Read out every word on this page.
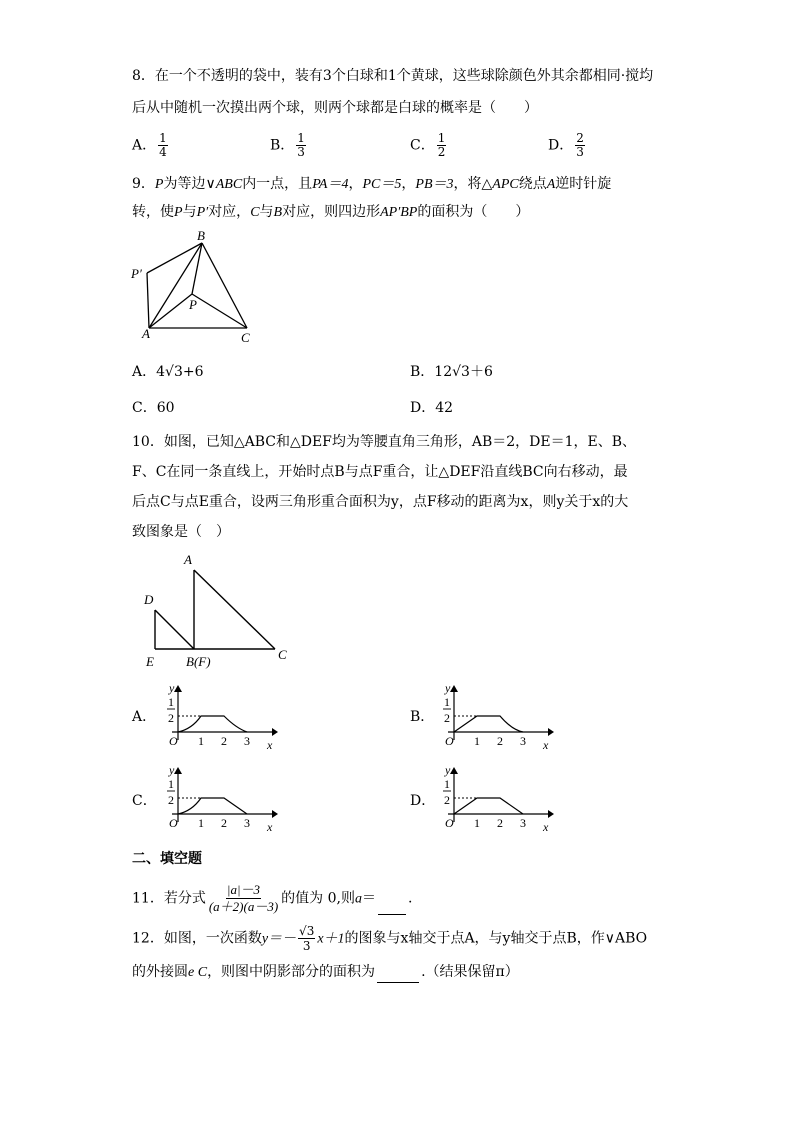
8．在一个不透明的袋中，装有3个白球和1个黄球，这些球除颜色外其余都相同·搅均
后从中随机一次摸出两个球，则两个球都是白球的概率是（　　）
A． $\frac{1}{4}$	B． $\frac{1}{3}$	C． $\frac{1}{2}$	D． $\frac{2}{3}$
9．P为等边∨ABC内一点，且PA＝4，PC＝5，PB＝3，将△APC绕点A逆时针旋
转，使P与P′对应，C与B对应，则四边形AP′BP的面积为（　　）
B
P′
P
A	C
A．4√3+6	B．12√3＋6
C．60	D．42
10．如图，已知△ABC和△DEF均为等腰直角三角形，AB＝2，DE＝1，E、B、
F、C在同一条直线上，开始时点B与点F重合，让△DEF沿直线BC向右移动，最
后点C与点E重合，设两三角形重合面积为y，点F移动的距离为x，则y关于x的大
致图象是（　）
A
D
E B(F)	C
A．	B．
C．	D．
y
1
2
O 1 2 3 x
y
1
2
O 1 2 3 x
y
1
2
O 1 2 3 x
y
1
2
O 1 2 3 x
二、填空题
11．若分式 $\frac{|a|-3}{(a+2)(a-3)}$ 的值为 0,则a＝ .
12．如图，一次函数$y=- \frac{√3}{3} x+1$的图象与x轴交于点A，与y轴交于点B，作∨ABO
的外接圆e C，则图中阴影部分的面积为	.（结果保留π）
